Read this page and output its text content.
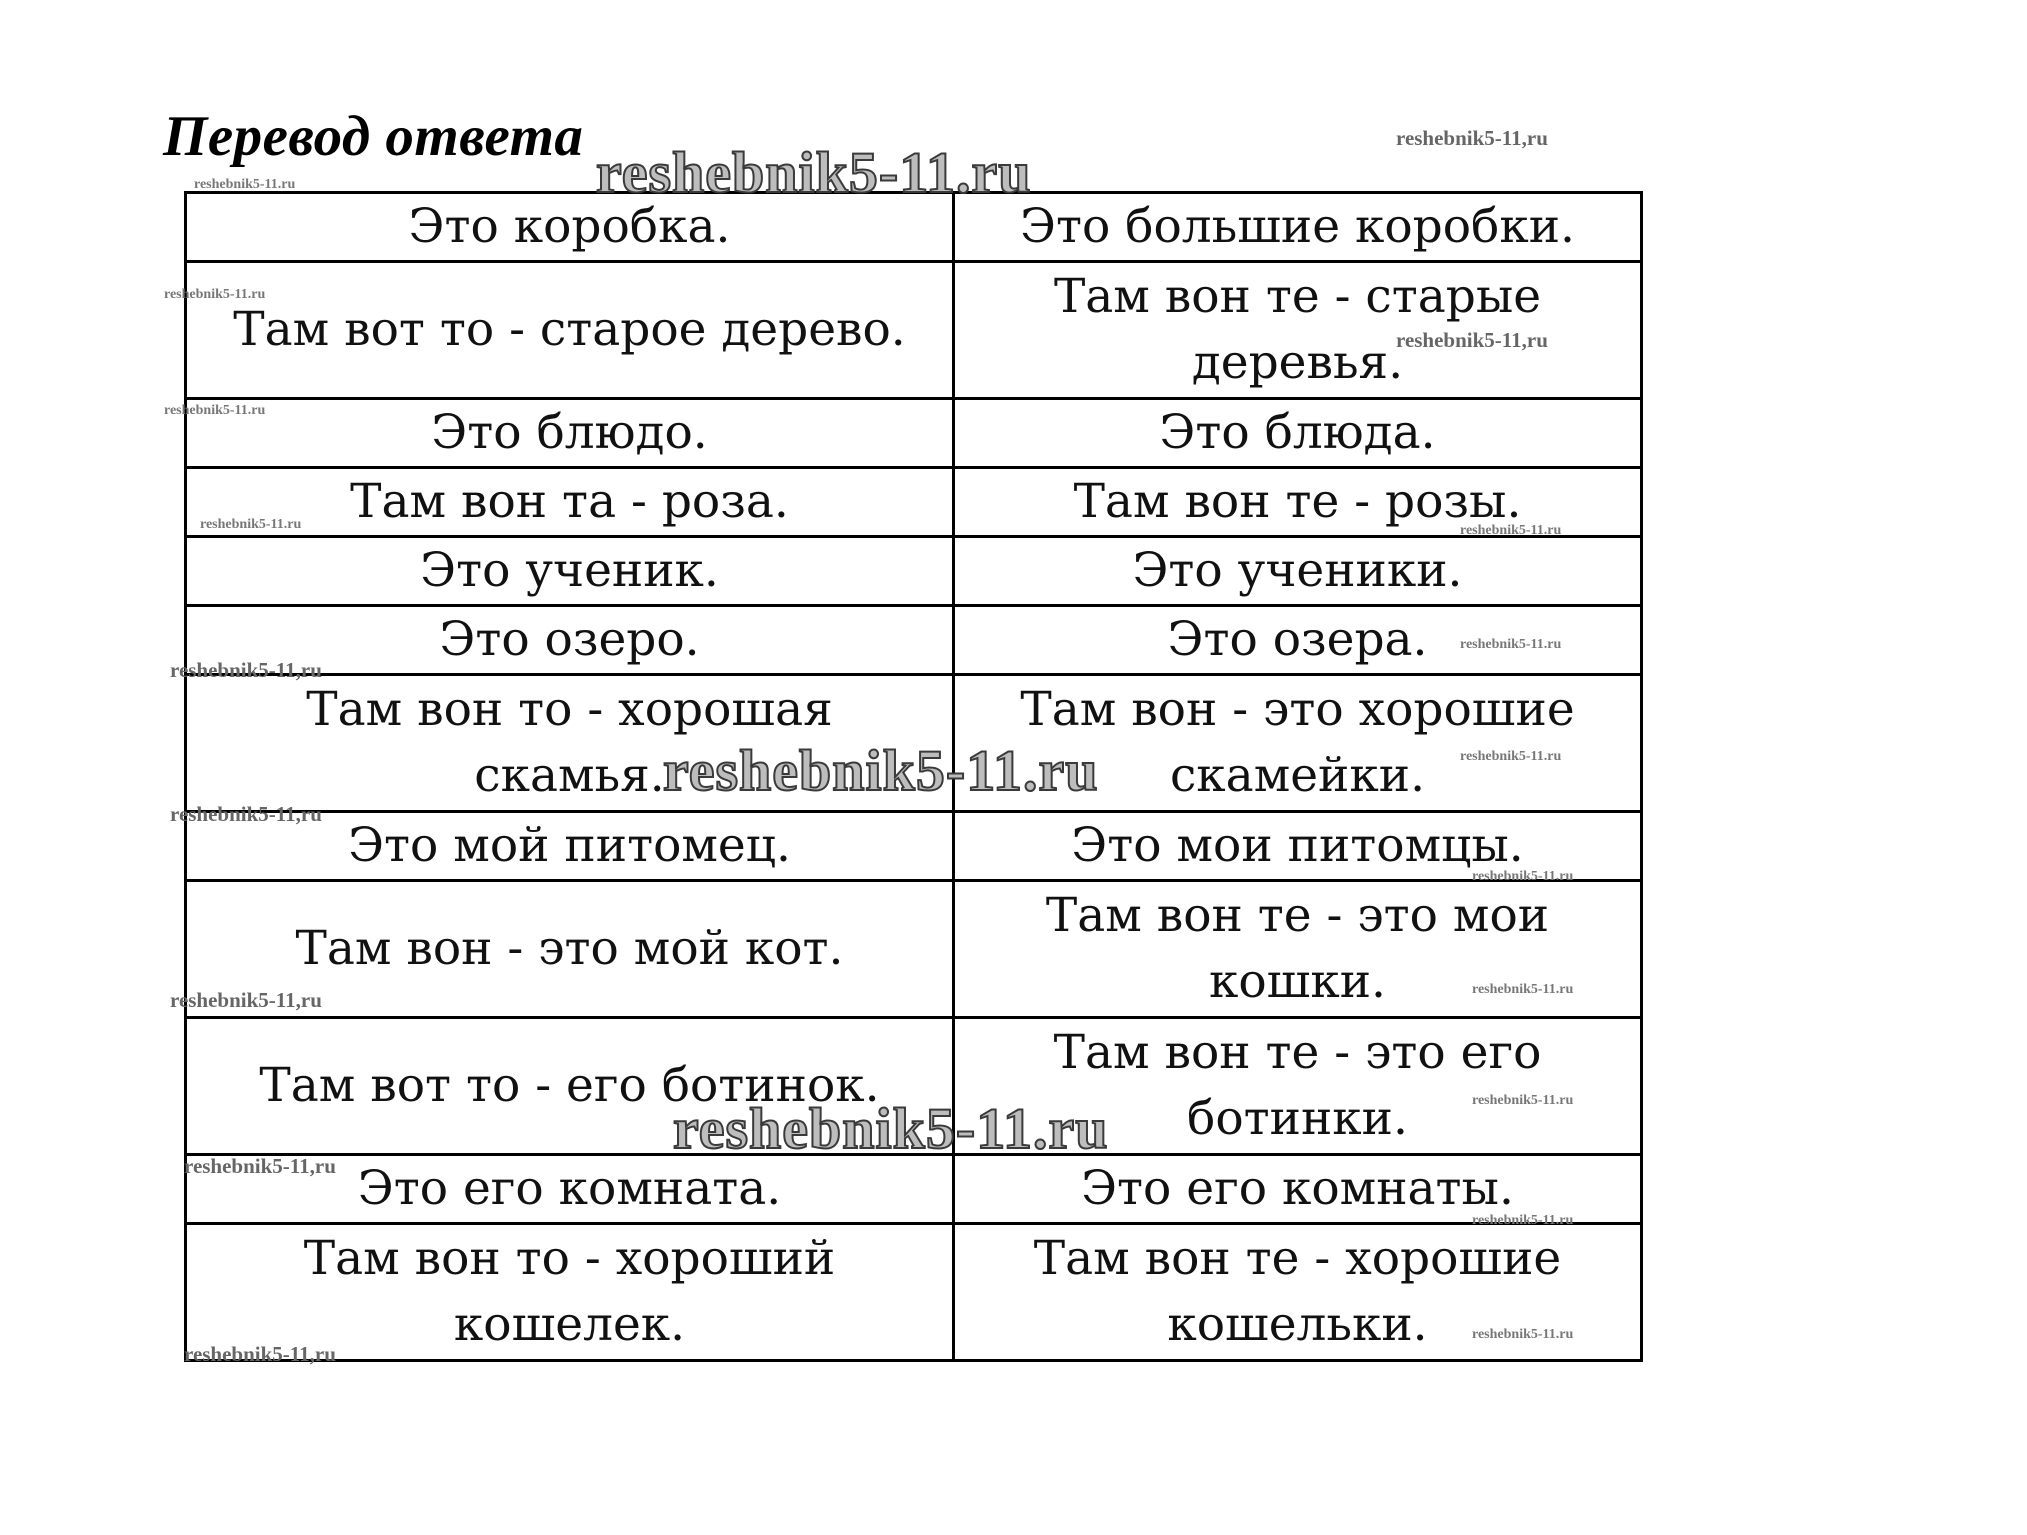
Перевод ответа
Это коробка.	Это большие коробки.
Там вот то - старое дерево.	Там вон те - старые деревья.
Это блюдо.	Это блюда.
Там вон та - роза.	Там вон те - розы.
Это ученик.	Это ученики.
Это озеро.	Это озера.
Там вон то - хорошая скамья.	Там вон - это хорошие скамейки.
Это мой питомец.	Это мои питомцы.
Там вон - это мой кот.	Там вон те - это мои кошки.
Там вот то - его ботинок.	Там вон те - это его ботинки.
Это его комната.	Это его комнаты.
Там вон то - хороший кошелек.	Там вон те - хорошие кошельки.
reshebnik5-11.ru
reshebnik5-11.ru
reshebnik5-11.ru
reshebnik5-11,ru
reshebnik5-11,ru
reshebnik5-11,ru
reshebnik5-11,ru
reshebnik5-11,ru
reshebnik5-11,ru
reshebnik5-11,ru
reshebnik5-11.ru
reshebnik5-11.ru
reshebnik5-11.ru
reshebnik5-11.ru	reshebnik5-11.ru
reshebnik5-11.ru
reshebnik5-11.ru
reshebnik5-11.ru
reshebnik5-11.ru
reshebnik5-11.ru
reshebnik5-11.ru
reshebnik5-11.ru
